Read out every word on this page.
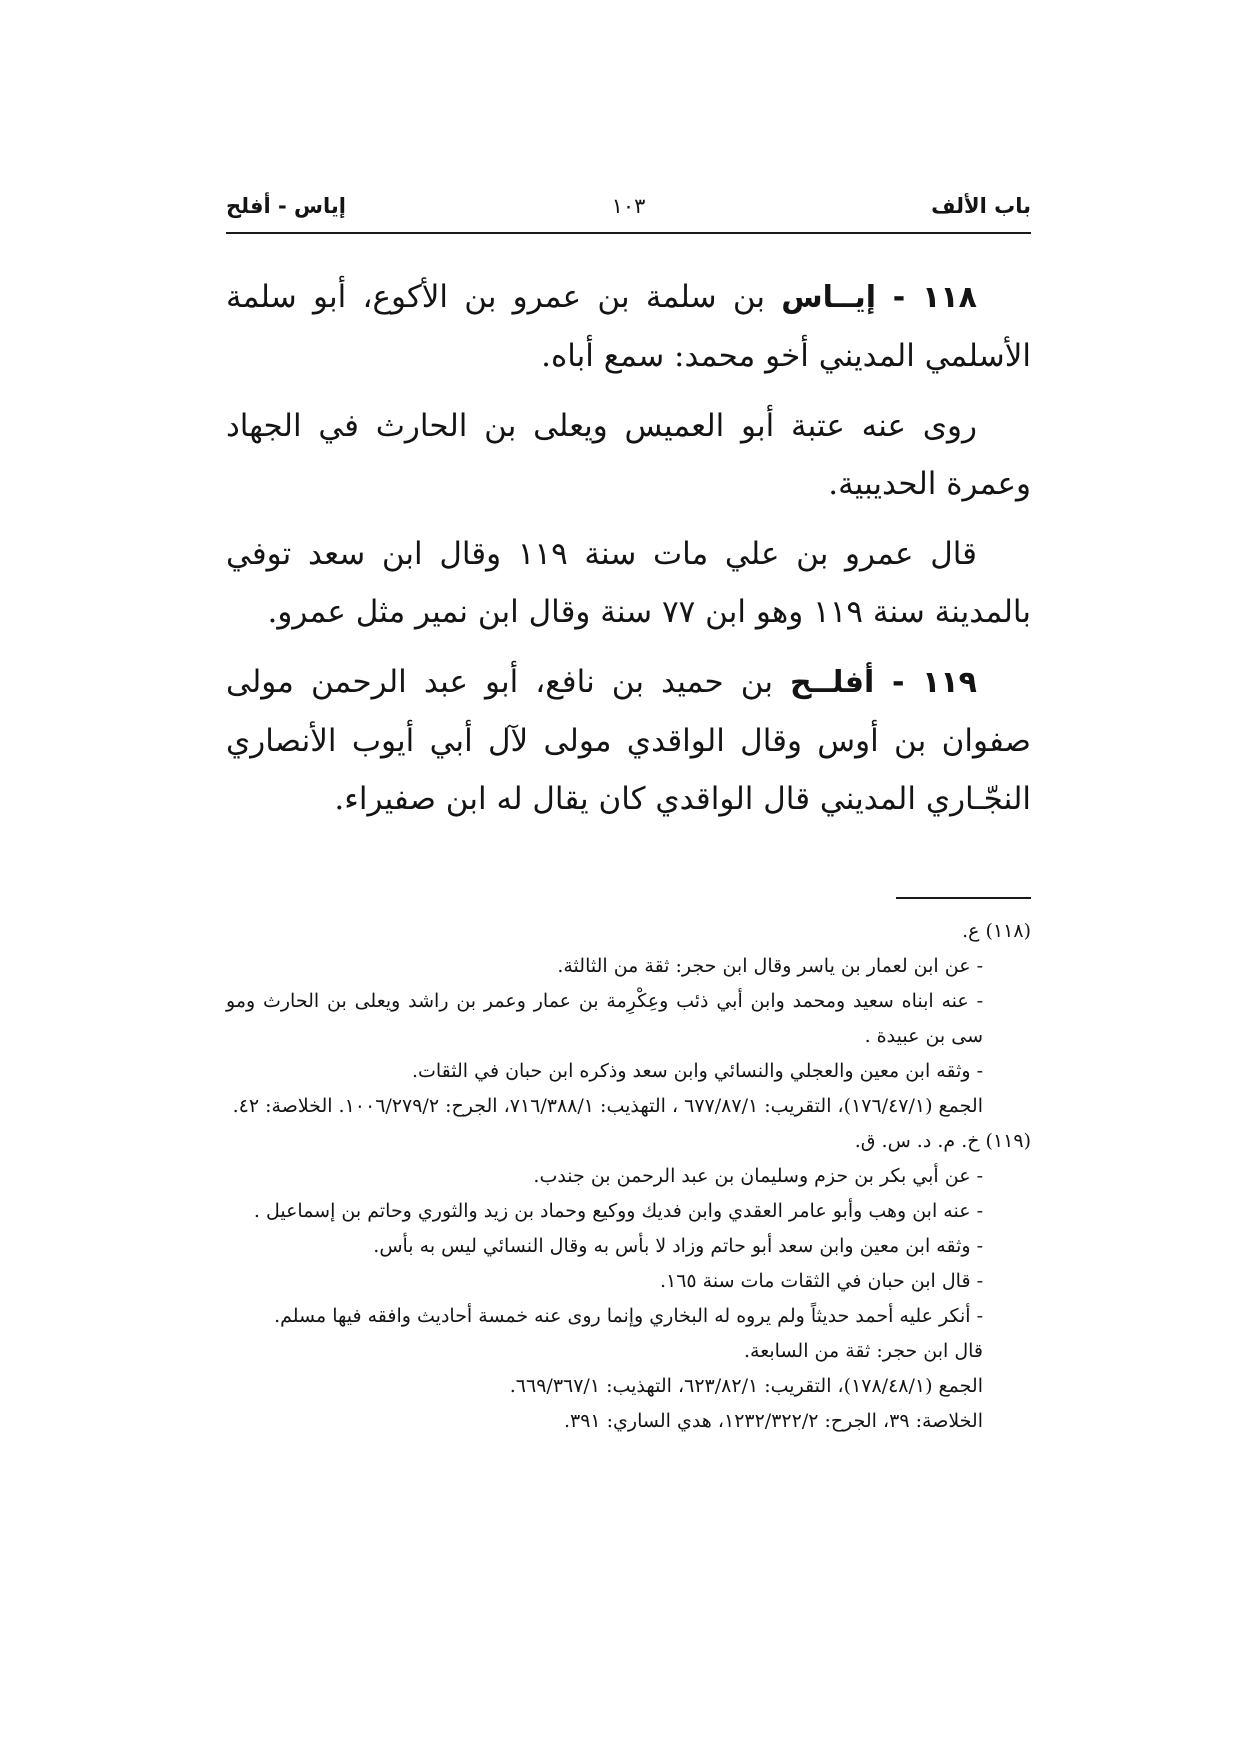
باب الألف
١٠٣
إياس - أفلح

١١٨ - إيــاس بن سلمة بن عمرو بن الأكوع، أبو سلمة الأسلمي المديني أخو محمد: سمع أباه.

روى عنه عتبة أبو العميس ويعلى بن الحارث في الجهاد وعمرة الحديبية.

قال عمرو بن علي مات سنة ١١٩ وقال ابن سعد توفي بالمدينة سنة ١١٩ وهو ابن ٧٧ سنة وقال ابن نمير مثل عمرو.

١١٩ - أفلــح بن حميد بن نافع، أبو عبد الرحمن مولى صفوان بن أوس وقال الواقدي مولى لآل أبي أيوب الأنصاري النجّـاري المديني قال الواقدي كان يقال له ابن صفيراء.

(١١٨) ع.

- عن ابن لعمار بن ياسر وقال ابن حجر: ثقة من الثالثة.

- عنه ابناه سعيد ومحمد وابن أبي ذئب وعِكْرِمة بن عمار وعمر بن راشد ويعلى بن الحارث ومو سى بن عبيدة .

- وثقه ابن معين والعجلي والنسائي وابن سعد وذكره ابن حبان في الثقات.

الجمع (١٧٦/٤٧/١)، التقريب: ٦٧٧/٨٧/١ ، التهذيب: ٧١٦/٣٨٨/١، الجرح: ١٠٠٦/٢٧٩/٢. الخلاصة: ٤٢.

(١١٩) خ. م. د. س. ق.

- عن أبي بكر بن حزم وسليمان بن عبد الرحمن بن جندب.

- عنه ابن وهب وأبو عامر العقدي وابن فديك ووكيع وحماد بن زيد والثوري وحاتم بن إسماعيل .

- وثقه ابن معين وابن سعد أبو حاتم وزاد لا بأس به وقال النسائي ليس به بأس.

- قال ابن حبان في الثقات مات سنة ١٦٥.

- أنكر عليه أحمد حديثاً ولم يروه له البخاري وإنما روى عنه خمسة أحاديث وافقه فيها مسلم.

قال ابن حجر: ثقة من السابعة.

الجمع (١٧٨/٤٨/١)، التقريب: ٦٢٣/٨٢/١، التهذيب: ٦٦٩/٣٦٧/١.

الخلاصة: ٣٩، الجرح: ١٢٣٢/٣٢٢/٢، هدي الساري: ٣٩١.
